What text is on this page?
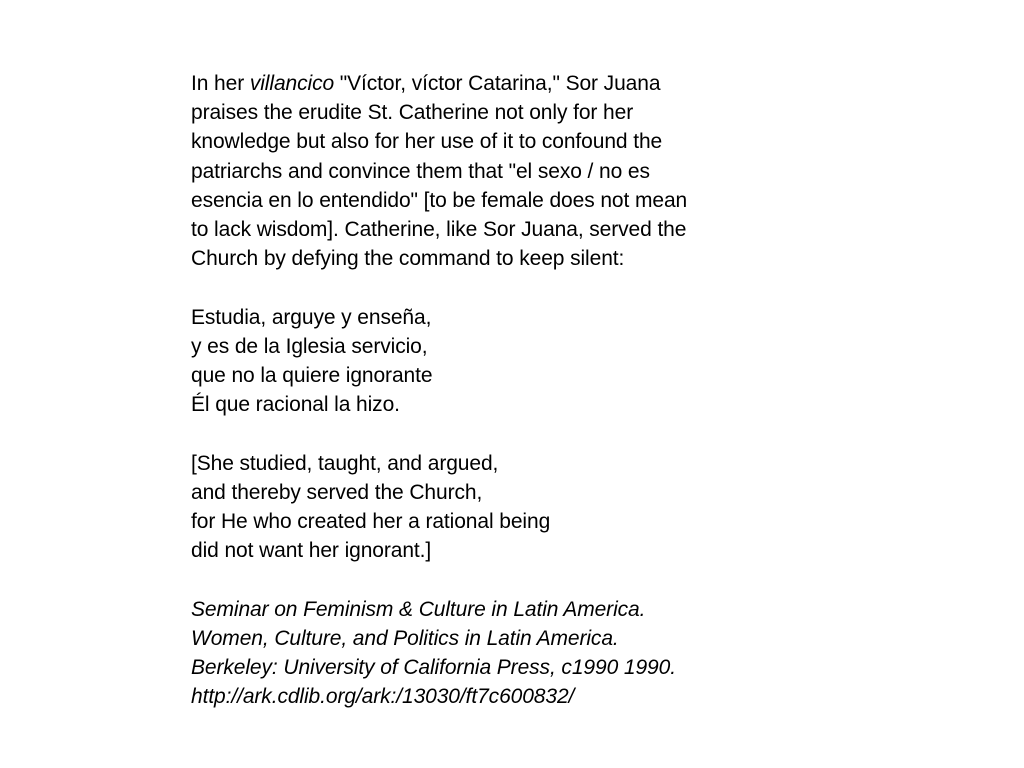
In her villancico "Víctor, víctor Catarina," Sor Juana
praises the erudite St. Catherine not only for her
knowledge but also for her use of it to confound the
patriarchs and convince them that "el sexo / no es
esencia en lo entendido" [to be female does not mean
to lack wisdom]. Catherine, like Sor Juana, served the
Church by defying the command to keep silent:
Estudia, arguye y enseña,
y es de la Iglesia servicio,
que no la quiere ignorante
Él que racional la hizo.
[She studied, taught, and argued,
and thereby served the Church,
for He who created her a rational being
did not want her ignorant.]
Seminar on Feminism & Culture in Latin America.
Women, Culture, and Politics in Latin America.
Berkeley: University of California Press, c1990 1990.
http://ark.cdlib.org/ark:/13030/ft7c600832/
